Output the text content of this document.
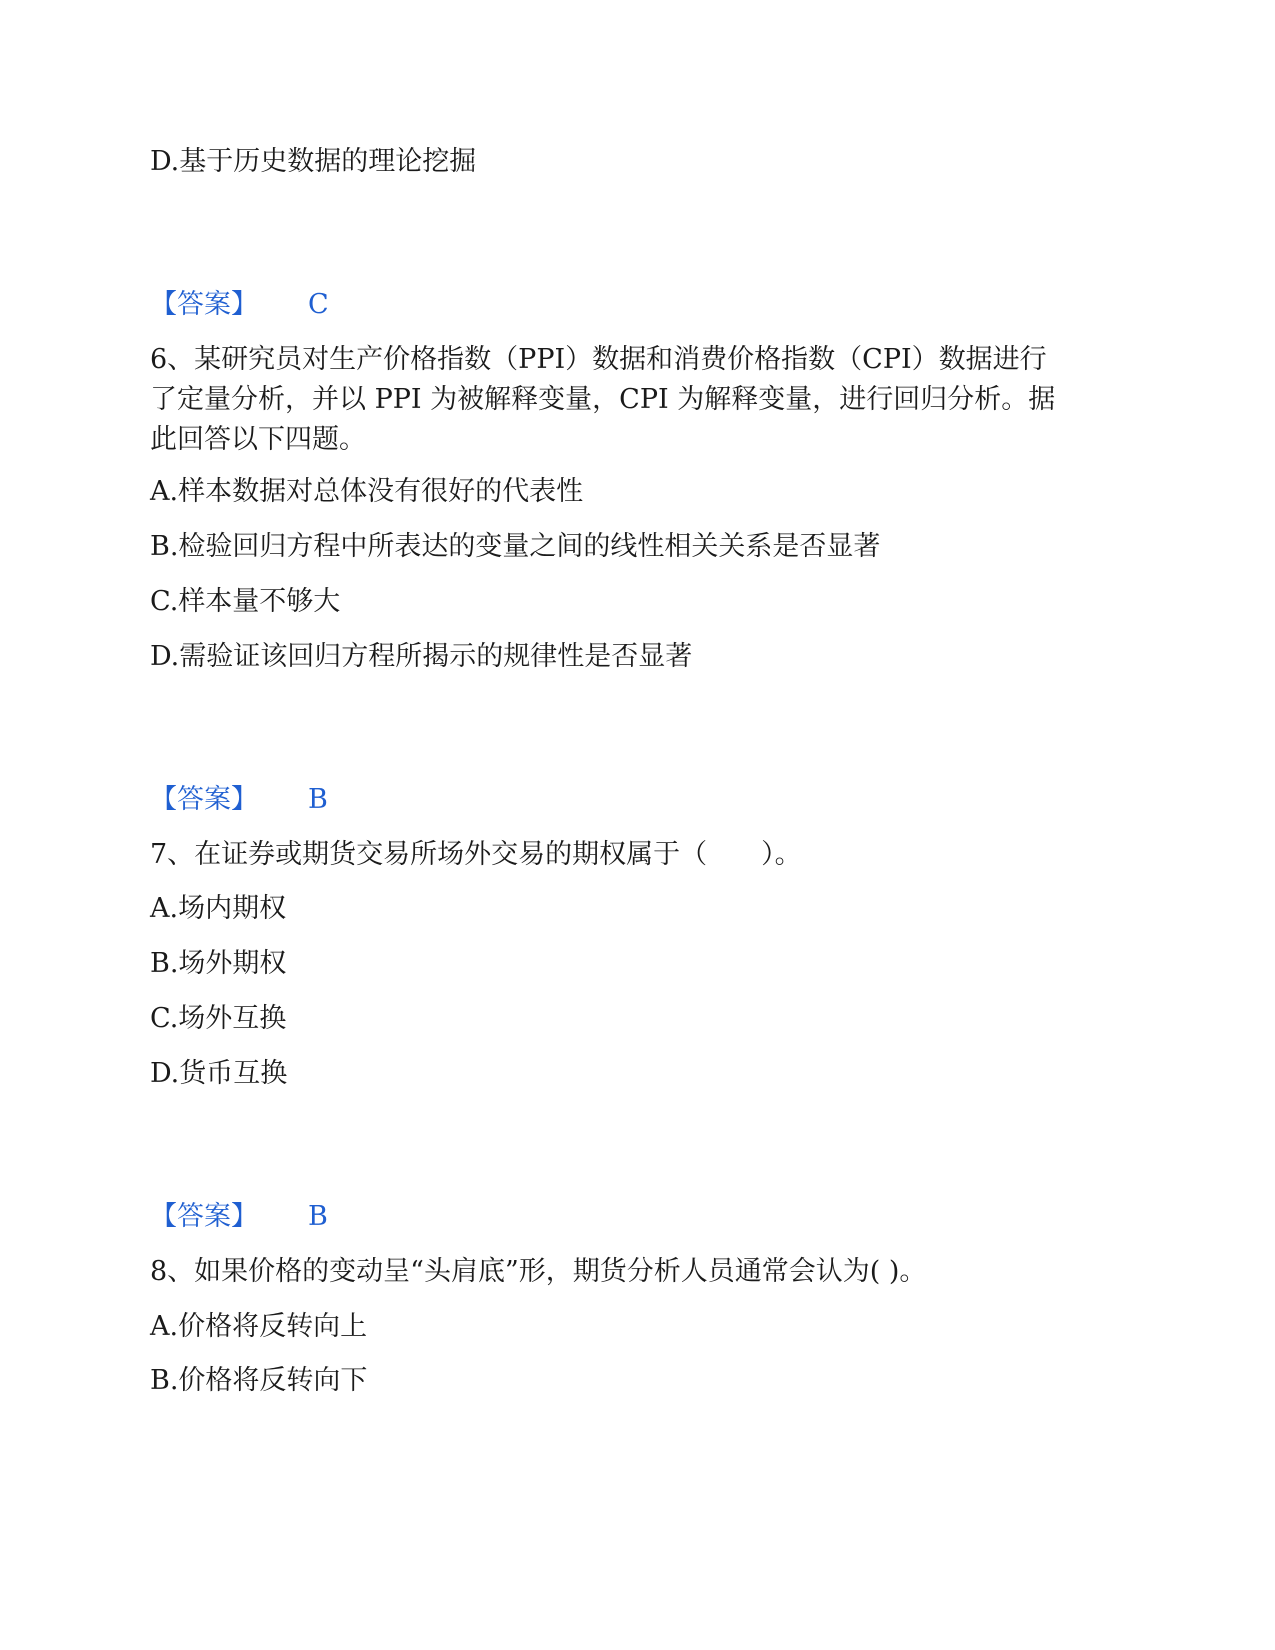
D.基于历史数据的理论挖掘
【答案】 C
6、某研究员对生产价格指数（PPI）数据和消费价格指数（CPI）数据进行
了定量分析，并以 PPI 为被解释变量，CPI 为解释变量，进行回归分析。据
此回答以下四题。
A.样本数据对总体没有很好的代表性
B.检验回归方程中所表达的变量之间的线性相关关系是否显著
C.样本量不够大
D.需验证该回归方程所揭示的规律性是否显著
【答案】 B
7、在证券或期货交易所场外交易的期权属于（　　）。
A.场内期权
B.场外期权
C.场外互换
D.货币互换
【答案】 B
8、如果价格的变动呈“头肩底”形，期货分析人员通常会认为( )。
A.价格将反转向上
B.价格将反转向下
